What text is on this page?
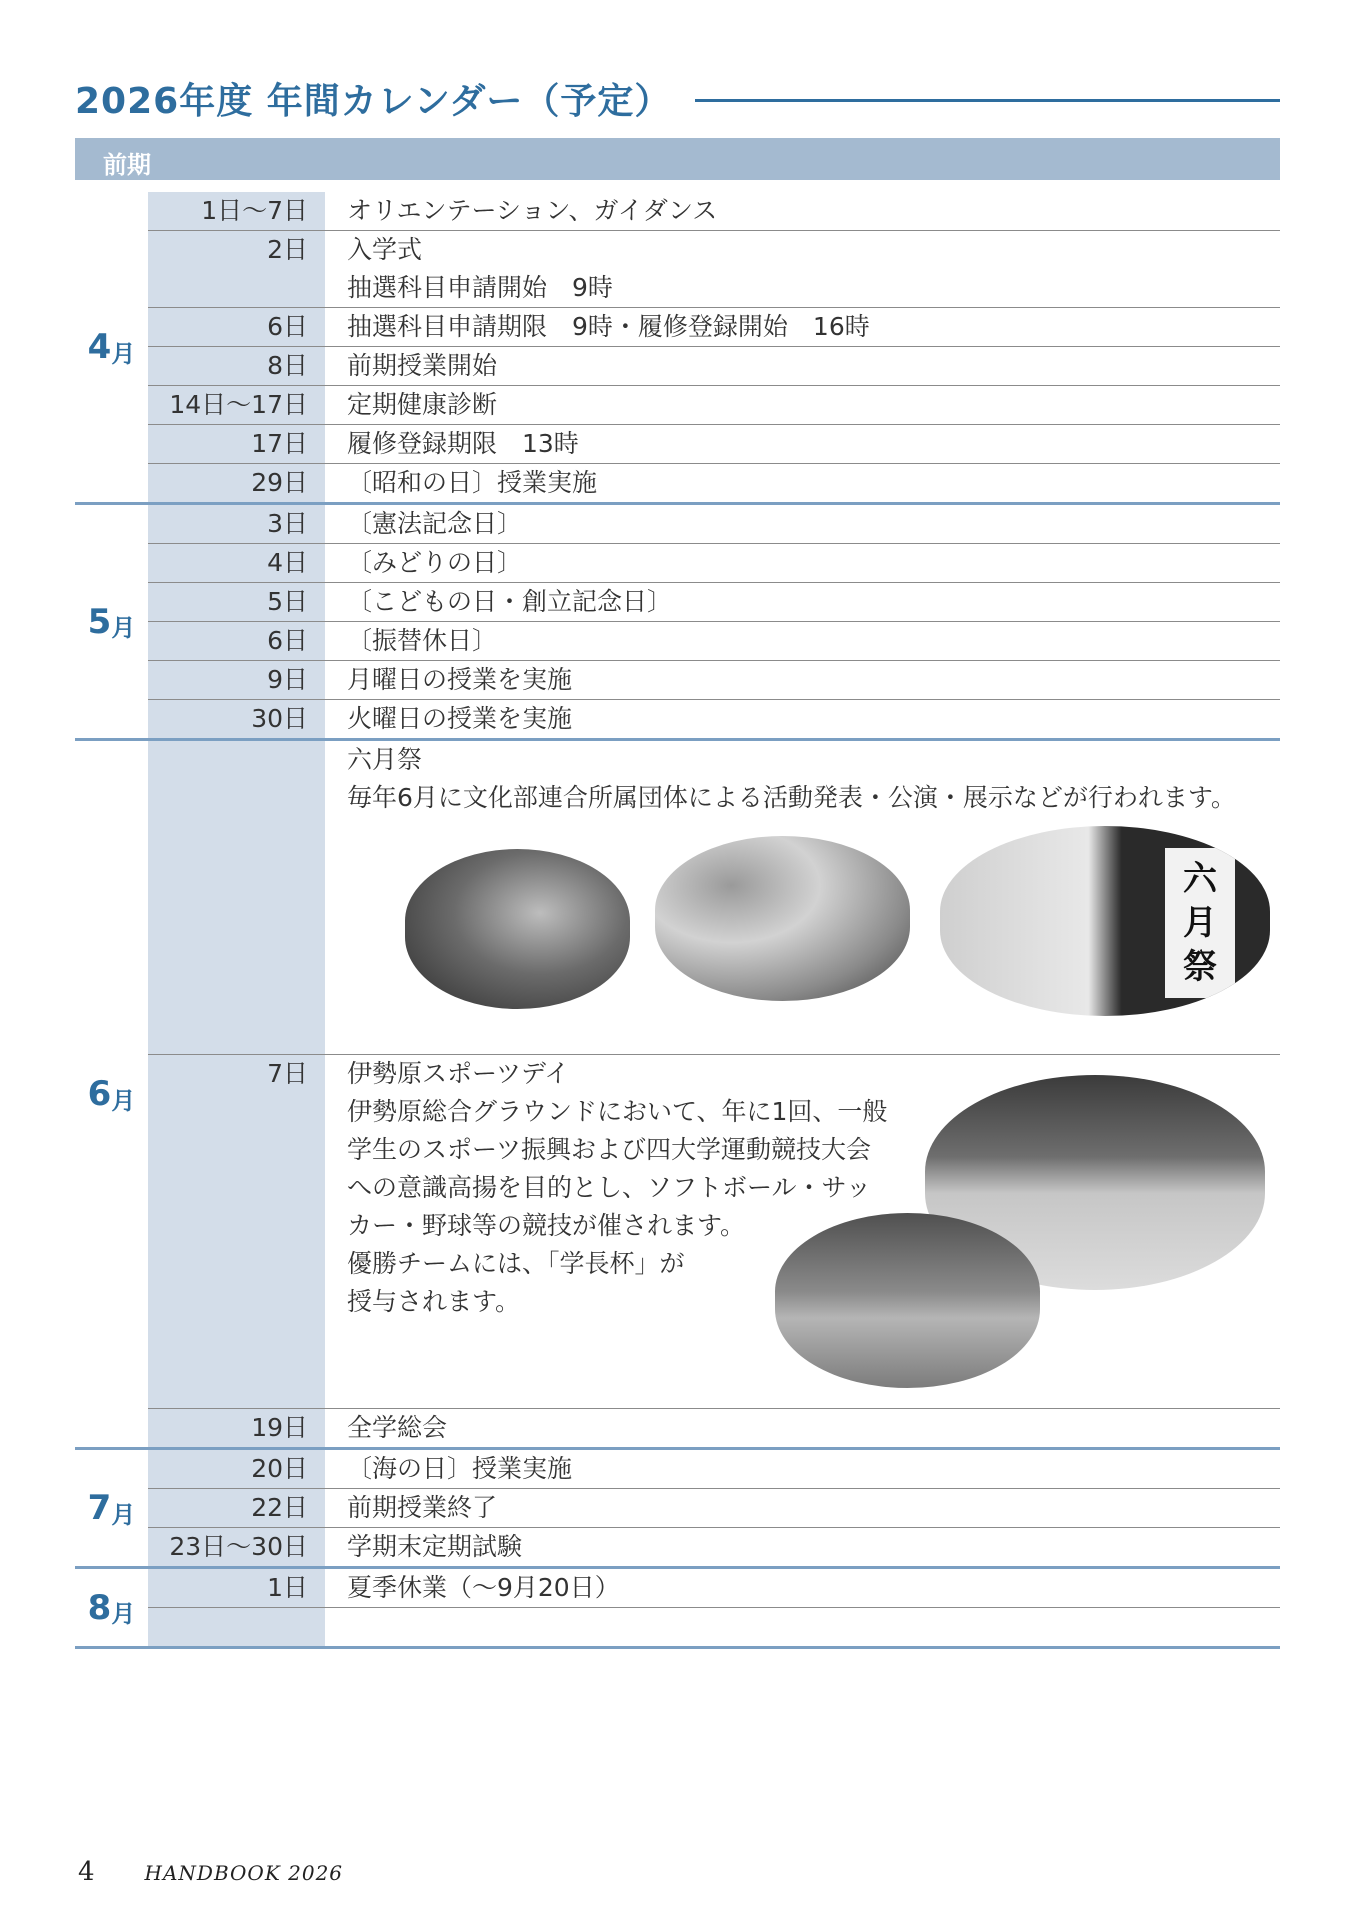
2026年度 年間カレンダー（予定）
前期
4 月
1日～7日 オリエンテーション、ガイダンス
2日 入学式
抽選科目申請開始　9時
6日 抽選科目申請期限　9時・履修登録開始　16時
8日 前期授業開始
14日～17日 定期健康診断
17日 履修登録期限　13時
29日 〔昭和の日〕授業実施
5 月
3日 〔憲法記念日〕
4日 〔みどりの日〕
5日 〔こどもの日・創立記念日〕
6日 〔振替休日〕
9日 月曜日の授業を実施
30日 火曜日の授業を実施
6 月
六
月
祭
六月祭
毎年6月に文化部連合所属団体による活動発表・公演・展示などが行われます。
7日 伊勢原スポーツデイ
伊勢原総合グラウンドにおいて、年に1回、一般
学生のスポーツ振興および四大学運動競技大会
への意識高揚を目的とし、ソフトボール・サッ
カー・野球等の競技が催されます。
優勝チームには、「学長杯」が
授与されます。
19日 全学総会
7 月
20日 〔海の日〕授業実施
22日 前期授業終了
23日～30日 学期末定期試験
8 月
1日 夏季休業（～9月20日）
4	HANDBOOK 2026
